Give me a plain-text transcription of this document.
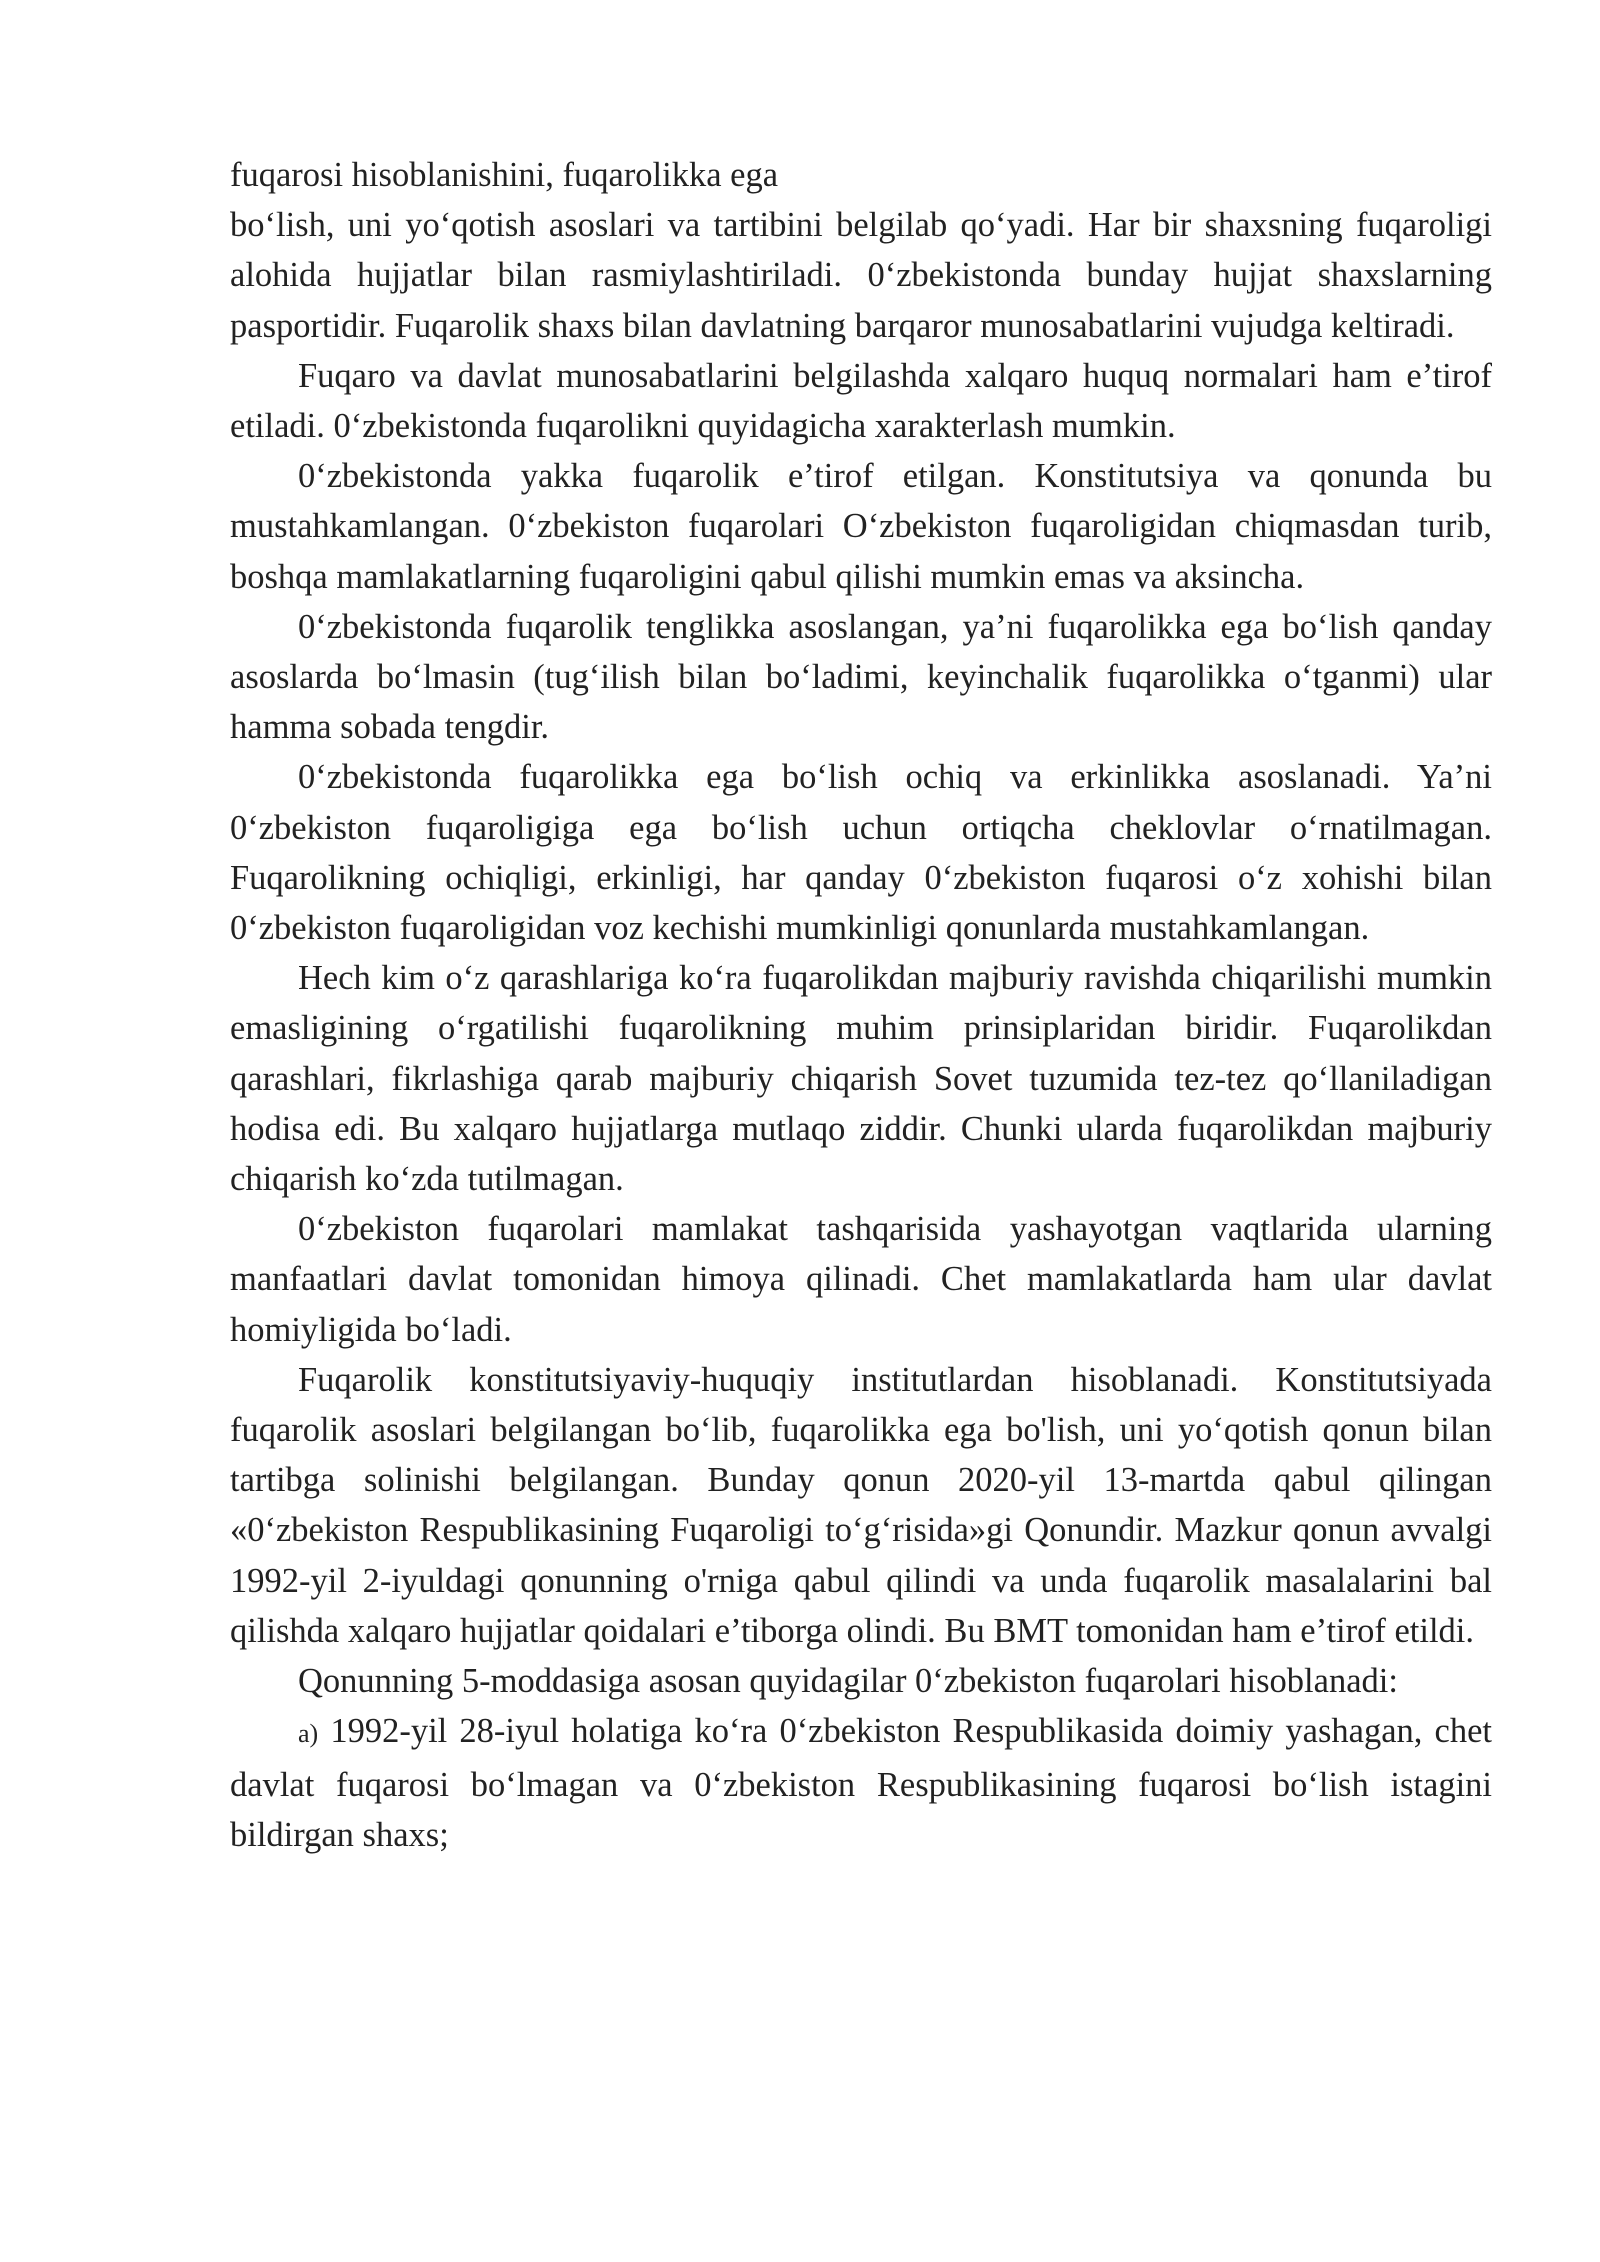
fuqarosi hisoblanishini, fuqarolikka ega

bo‘lish, uni yo‘qotish asoslari va tartibini belgilab qo‘yadi. Har bir shaxsning fuqaroligi alohida hujjatlar bilan rasmiylashtiriladi. 0‘zbekistonda bunday hujjat shaxslarning pasportidir. Fuqarolik shaxs bilan davlatning barqaror munosabatlarini vujudga keltiradi.

Fuqaro va davlat munosabatlarini belgilashda xalqaro huquq normalari ham e’tirof etiladi. 0‘zbekistonda fuqarolikni quyidagicha xarakterlash mumkin.

0‘zbekistonda yakka fuqarolik e’tirof etilgan. Konstitutsiya va qonunda bu mustahkamlangan. 0‘zbekiston fuqarolari O‘zbekiston fuqaroligidan chiqmasdan turib, boshqa mamlakatlarning fuqaroligini qabul qilishi mumkin emas va aksincha.

0‘zbekistonda fuqarolik tenglikka asoslangan, ya’ni fuqarolikka ega bo‘lish qanday asoslarda bo‘lmasin (tug‘ilish bilan bo‘ladimi, keyinchalik fuqarolikka o‘tganmi) ular hamma sobada tengdir.

0‘zbekistonda fuqarolikka ega bo‘lish ochiq va erkinlikka asoslanadi. Ya’ni 0‘zbekiston fuqaroligiga ega bo‘lish uchun ortiqcha cheklovlar o‘rnatilmagan. Fuqarolikning ochiqligi, erkinligi, har qanday 0‘zbekiston fuqarosi o‘z xohishi bilan 0‘zbekiston fuqaroligidan voz kechishi mumkinligi qonunlarda mustahkamlangan.

Hech kim o‘z qarashlariga ko‘ra fuqarolikdan majburiy ravishda chiqarilishi mumkin emasligining o‘rgatilishi fuqarolikning muhim prinsiplaridan biridir. Fuqarolikdan qarashlari, fikrlashiga qarab majburiy chiqarish Sovet tuzumida tez-tez qo‘llaniladigan hodisa edi. Bu xalqaro hujjatlarga mutlaqo ziddir. Chunki ularda fuqarolikdan majburiy chiqarish ko‘zda tutilmagan.

0‘zbekiston fuqarolari mamlakat tashqarisida yashayotgan vaqtlarida ularning manfaatlari davlat tomonidan himoya qilinadi. Chet mamlakatlarda ham ular davlat homiyligida bo‘ladi.

Fuqarolik konstitutsiyaviy-huquqiy institutlardan hisoblanadi. Konstitutsiyada fuqarolik asoslari belgilangan bo‘lib, fuqarolikka ega bo'lish, uni yo‘qotish qonun bilan tartibga solinishi belgilangan. Bunday qonun 2020-yil 13-martda qabul qilingan «0‘zbekiston Respublikasining Fuqaroligi to‘g‘risida»gi Qonundir. Mazkur qonun avvalgi 1992-yil 2-iyuldagi qonunning o'rniga qabul qilindi va unda fuqarolik masalalarini bal qilishda xalqaro hujjatlar qoidalari e’tiborga olindi. Bu BMT tomonidan ham e’tirof etildi.

Qonunning 5-moddasiga asosan quyidagilar 0‘zbekiston fuqarolari hisoblanadi:

a) 1992-yil 28-iyul holatiga ko‘ra 0‘zbekiston Respublikasida doimiy yashagan, chet davlat fuqarosi bo‘lmagan va 0‘zbekiston Respublikasining fuqarosi bo‘lish istagini bildirgan shaxs;
